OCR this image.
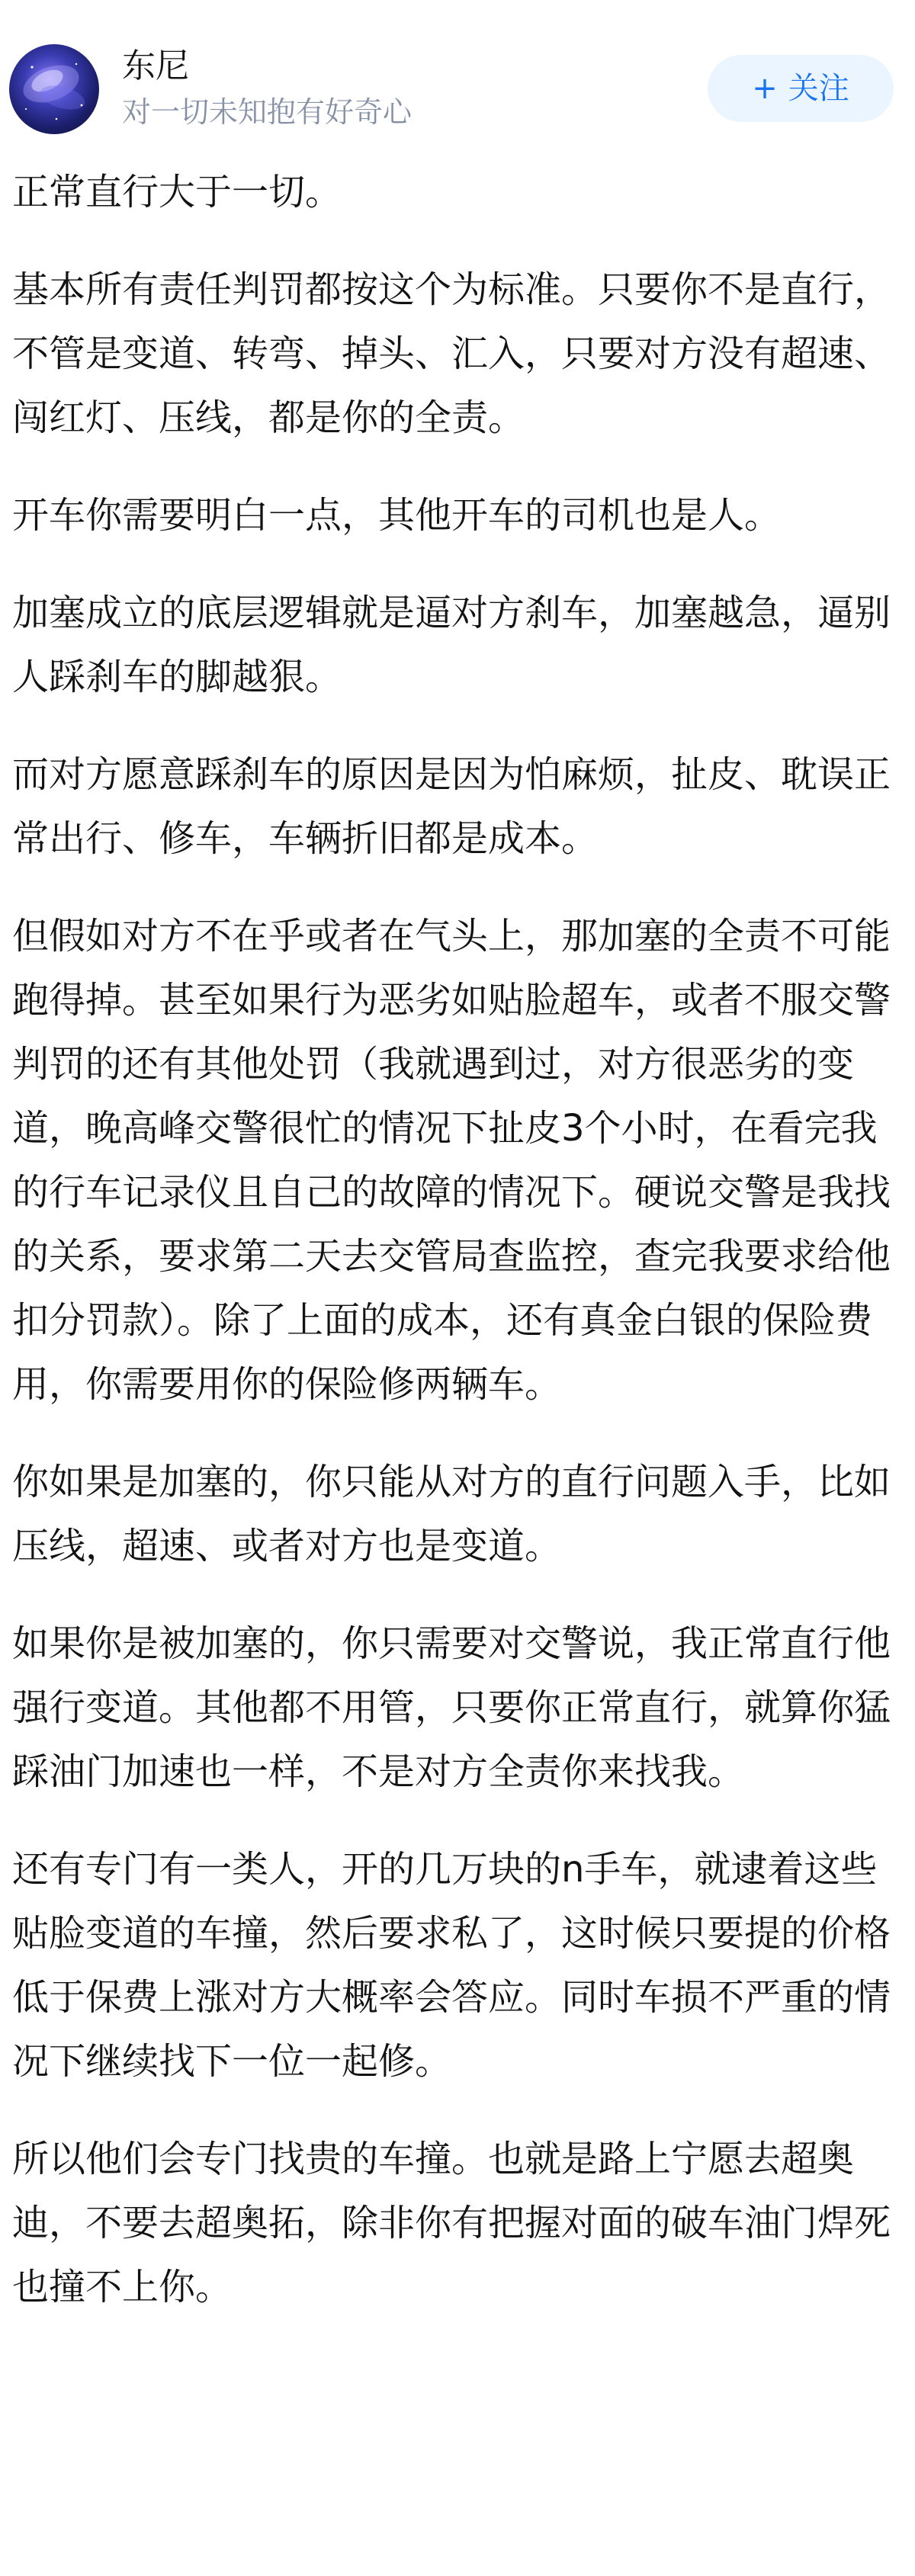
东尼
对一切未知抱有好奇心
+ 关注

正常直行大于一切。

基本所有责任判罚都按这个为标准。只要你不是直行，不管是变道、转弯、掉头、汇入，只要对方没有超速、闯红灯、压线，都是你的全责。

开车你需要明白一点，其他开车的司机也是人。

加塞成立的底层逻辑就是逼对方刹车，加塞越急，逼别人踩刹车的脚越狠。

而对方愿意踩刹车的原因是因为怕麻烦，扯皮、耽误正常出行、修车，车辆折旧都是成本。

但假如对方不在乎或者在气头上，那加塞的全责不可能跑得掉。甚至如果行为恶劣如贴脸超车，或者不服交警判罚的还有其他处罚（我就遇到过，对方很恶劣的变道，晚高峰交警很忙的情况下扯皮3个小时，在看完我的行车记录仪且自己的故障的情况下。硬说交警是我找的关系，要求第二天去交管局查监控，查完我要求给他扣分罚款）。除了上面的成本，还有真金白银的保险费用，你需要用你的保险修两辆车。

你如果是加塞的，你只能从对方的直行问题入手，比如压线，超速、或者对方也是变道。

如果你是被加塞的，你只需要对交警说，我正常直行他强行变道。其他都不用管，只要你正常直行，就算你猛踩油门加速也一样，不是对方全责你来找我。

还有专门有一类人，开的几万块的n手车，就逮着这些贴脸变道的车撞，然后要求私了，这时候只要提的价格低于保费上涨对方大概率会答应。同时车损不严重的情况下继续找下一位一起修。

所以他们会专门找贵的车撞。也就是路上宁愿去超奥迪，不要去超奥拓，除非你有把握对面的破车油门焊死也撞不上你。
